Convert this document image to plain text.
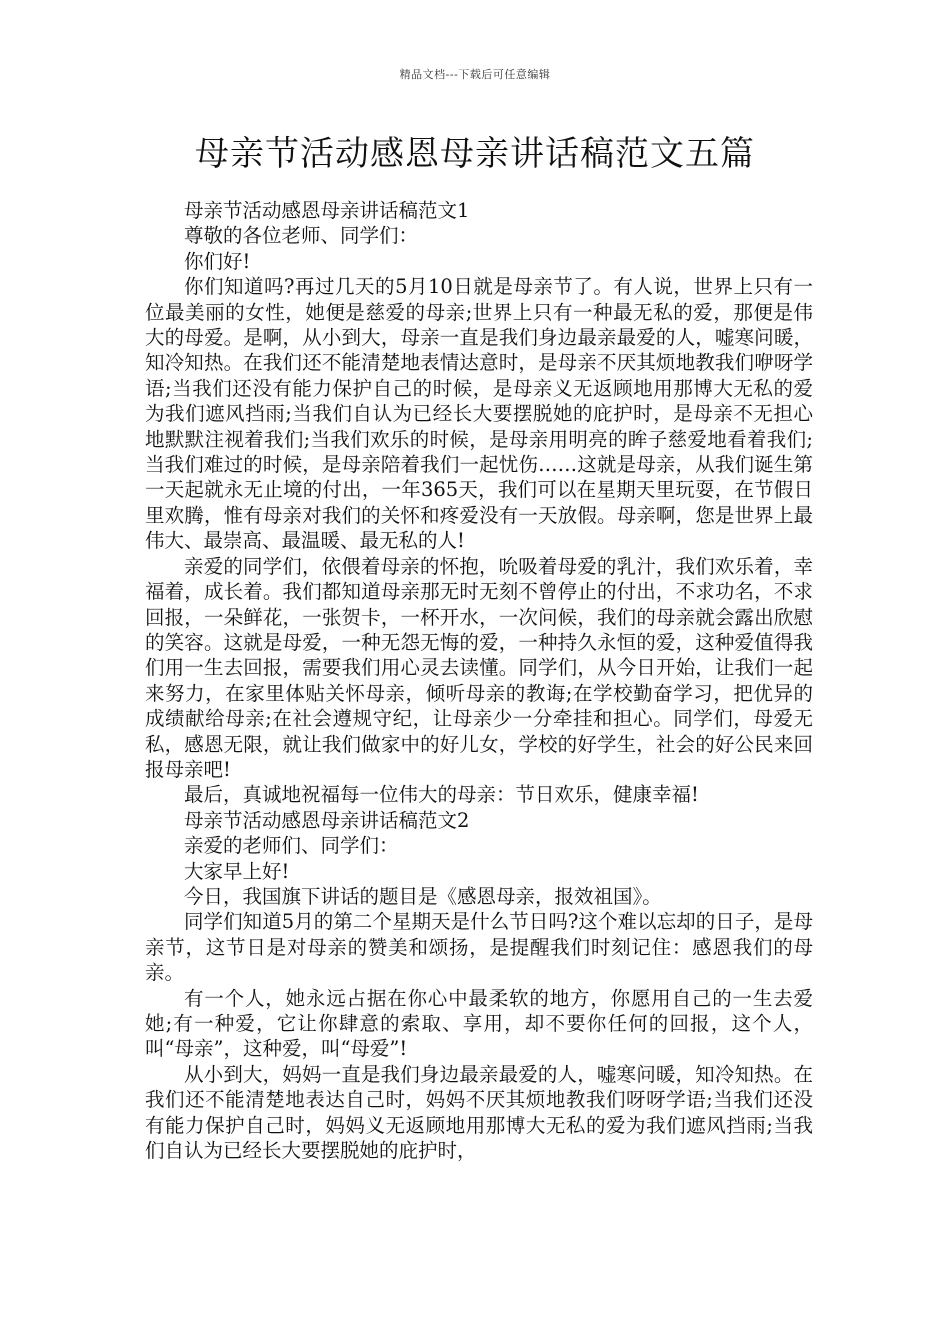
精品文档---下载后可任意编辑
母亲节活动感恩母亲讲话稿范文五篇

母亲节活动感恩母亲讲话稿范文1

尊敬的各位老师、同学们：

你们好!

你们知道吗?再过几天的5月10日就是母亲节了。有人说，世界上只有一位最美丽的女性，她便是慈爱的母亲;世界上只有一种最无私的爱，那便是伟大的母爱。是啊，从小到大，母亲一直是我们身边最亲最爱的人，嘘寒问暖，知冷知热。在我们还不能清楚地表情达意时，是母亲不厌其烦地教我们咿呀学语;当我们还没有能力保护自己的时候，是母亲义无返顾地用那博大无私的爱为我们遮风挡雨;当我们自认为已经长大要摆脱她的庇护时，是母亲不无担心地默默注视着我们;当我们欢乐的时候，是母亲用明亮的眸子慈爱地看着我们;当我们难过的时候，是母亲陪着我们一起忧伤……这就是母亲，从我们诞生第一天起就永无止境的付出，一年365天，我们可以在星期天里玩耍，在节假日里欢腾，惟有母亲对我们的关怀和疼爱没有一天放假。母亲啊，您是世界上最伟大、最崇高、最温暖、最无私的人!

亲爱的同学们，依偎着母亲的怀抱，吮吸着母爱的乳汁，我们欢乐着，幸福着，成长着。我们都知道母亲那无时无刻不曾停止的付出，不求功名，不求回报，一朵鲜花，一张贺卡，一杯开水，一次问候，我们的母亲就会露出欣慰的笑容。这就是母爱，一种无怨无悔的爱，一种持久永恒的爱，这种爱值得我们用一生去回报，需要我们用心灵去读懂。同学们，从今日开始，让我们一起来努力，在家里体贴关怀母亲，倾听母亲的教诲;在学校勤奋学习，把优异的成绩献给母亲;在社会遵规守纪，让母亲少一分牵挂和担心。同学们，母爱无私，感恩无限，就让我们做家中的好儿女，学校的好学生，社会的好公民来回报母亲吧!

最后，真诚地祝福每一位伟大的母亲：节日欢乐，健康幸福!

母亲节活动感恩母亲讲话稿范文2

亲爱的老师们、同学们：

大家早上好!

今日，我国旗下讲话的题目是《感恩母亲，报效祖国》。

同学们知道5月的第二个星期天是什么节日吗?这个难以忘却的日子，是母亲节，这节日是对母亲的赞美和颂扬，是提醒我们时刻记住：感恩我们的母亲。

有一个人，她永远占据在你心中最柔软的地方，你愿用自己的一生去爱她;有一种爱，它让你肆意的索取、享用，却不要你任何的回报，这个人，叫“母亲”，这种爱，叫“母爱”!

从小到大，妈妈一直是我们身边最亲最爱的人，嘘寒问暖，知冷知热。在我们还不能清楚地表达自己时，妈妈不厌其烦地教我们呀呀学语;当我们还没有能力保护自己时，妈妈义无返顾地用那博大无私的爱为我们遮风挡雨;当我们自认为已经长大要摆脱她的庇护时，
